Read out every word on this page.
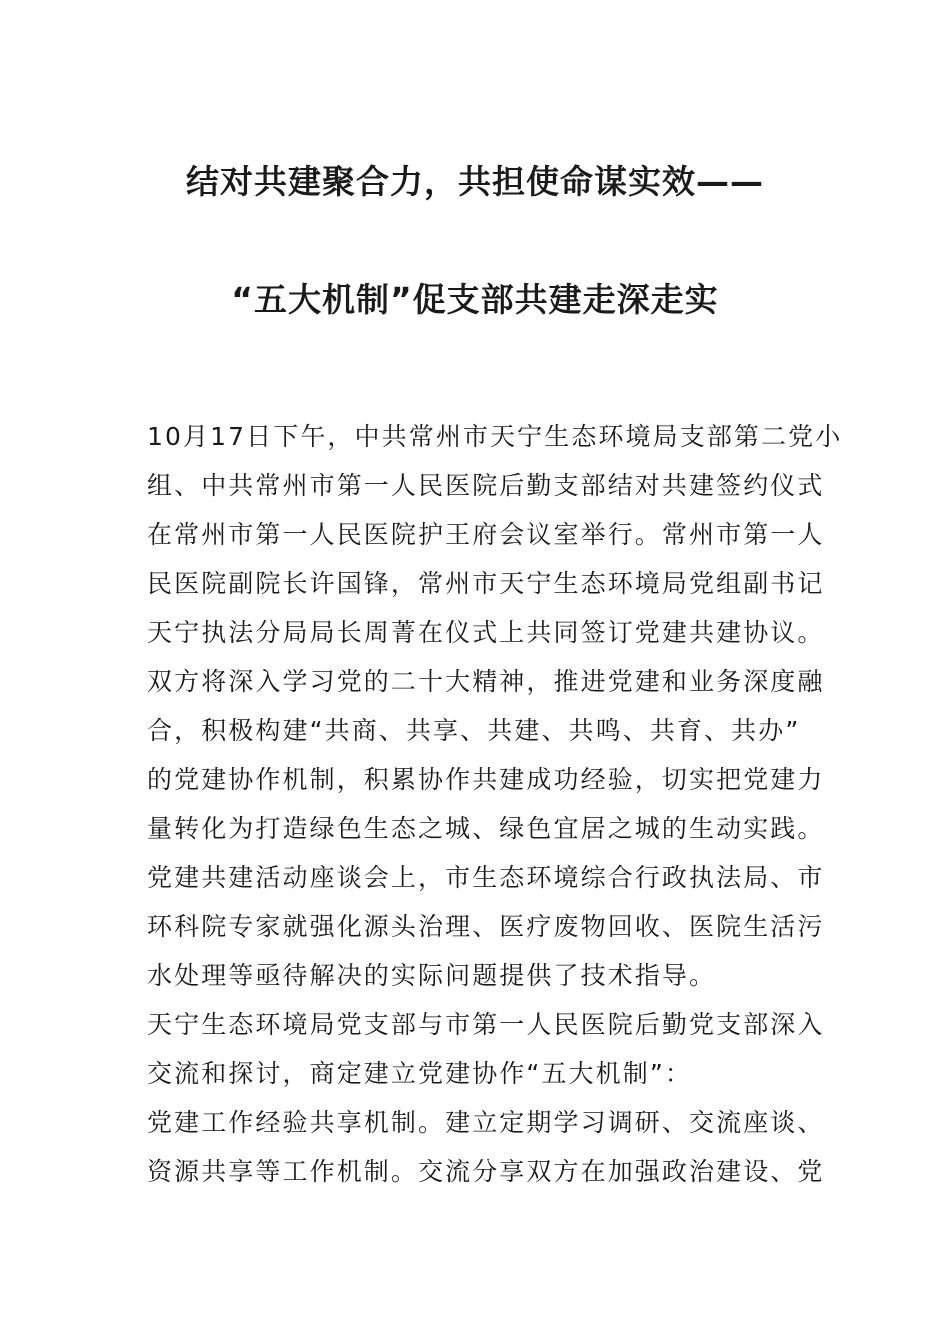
结对共建聚合力，共担使命谋实效——
“五大机制”促支部共建走深走实

10月17日下午，中共常州市天宁生态环境局支部第二党小

组、中共常州市第一人民医院后勤支部结对共建签约仪式

在常州市第一人民医院护王府会议室举行。常州市第一人

民医院副院长许国锋，常州市天宁生态环境局党组副书记

天宁执法分局局长周菁在仪式上共同签订党建共建协议。

双方将深入学习党的二十大精神，推进党建和业务深度融

合，积极构建“共商、共享、共建、共鸣、共育、共办”

的党建协作机制，积累协作共建成功经验，切实把党建力

量转化为打造绿色生态之城、绿色宜居之城的生动实践。

党建共建活动座谈会上，市生态环境综合行政执法局、市

环科院专家就强化源头治理、医疗废物回收、医院生活污

水处理等亟待解决的实际问题提供了技术指导。

天宁生态环境局党支部与市第一人民医院后勤党支部深入

交流和探讨，商定建立党建协作“五大机制”：

党建工作经验共享机制。建立定期学习调研、交流座谈、

资源共享等工作机制。交流分享双方在加强政治建设、党
